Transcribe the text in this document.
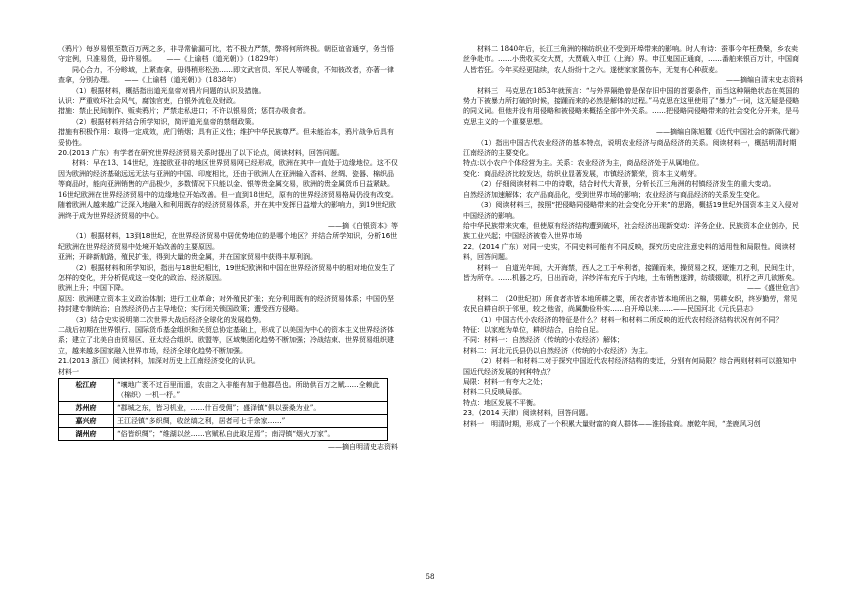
（鸦片）每岁易银至数百万两之多，非寻常偷漏可比，若不极力严禁，弊将何所终极。朝臣谊省通亨，务当悟守定例，只准易货，毋许易银。　　——《上谕档（道光朝）》（1829年）

同心合力，不分畛域，上紧查拿，毋得稍形松劲……即文武官员、军民人等暖食，不知彼改者，亦著一律查拿，分别办理。　　——《上谕档（道光朝）》（1838年）

（1）根据材料，概括指出道光皇帝对鸦片问题的认识及措施。

认识：严重败坏社会风气，腐蚀官吏，白银外流危及财政。

措施：禁止民间制作、贩卖鸦片；严禁走私进口；不许以银易货；惩罚办吸食者。

（2）根据材料并结合所学知识，简评道光皇帝的禁烟政策。

措施有积极作用：取得一定成效，虎门销烟；具有正义性；维护中华民族尊严。但未能治本，鸦片战争后具有妥协性。

20.(2013 广东）有学者在研究世界经济贸易关系时提出了以下论点，阅读材料，回答问题。

材料：早在13、14世纪，连接欧亚非的地区世界贸易网已经形成，欧洲在其中一直处于边缘地位。这不仅因为欧洲的经济基础远远无法与亚洲的中国、印度相比，还由于欧洲人在亚洲输入香料、丝绸、瓷器、棉织品等商品时，能向亚洲销售的产品极少，多数情况下只能以金、银等贵金属交易，欧洲的贵金属货币日益紧缺。16世纪欧洲在世界经济贸易中的边缘地位开始改善。但一直到18世纪，原有的世界经济贸易格局仍没有改变。随着欧洲人越来越广泛深入地融入和利用既存的经济贸易体系，并在其中发挥日益增大的影响力，到19世纪欧洲终于成为世界经济贸易的中心。

——摘《白银资本》等

（1）根据材料，13到18世纪，在世界经济贸易中居优势地位的是哪个地区？并结合所学知识，分析16世纪欧洲在世界经济贸易中处境开始改善的主要原因。

亚洲；开辟新航路，殖民扩张，得到大量的贵金属，并在国家贸易中获得丰厚利润。

（2）根据材料和所学知识，指出与18世纪相比，19世纪欧洲和中国在世界经济贸易中的相对地位发生了怎样的变化，并分析促成这一变化的政治、经济原因。

欧洲上升；中国下降。

原因：欧洲建立资本主义政治体制；进行工业革命；对外殖民扩张；充分利用既有的经济贸易体系；中国仍坚持封建专制统治；自然经济仍占主导地位；实行闭关锁国政策；遭受西方侵略。

（3）结合史实说明第二次世界大战后经济全球化的发展趋势。

二战后初期在世界银行、国际货币基金组织和关贸总协定基础上，形成了以美国为中心的资本主义世界经济体系；建立了北美自由贸易区、亚太经合组织、欧盟等，区域集团化趋势不断加强；冷战结束、世界贸易组织建立，越来越多国家融入世界市场，经济全球化趋势不断加强。

21.(2013 浙江）阅读材料，加深对历史上江南经济变化的认识。

材料一

松江府	“壤地广袤不过百里而遥，农亩之入非能有加于他郡邑也。所助供百万之赋……全赖此（棉织）一机一杼。”
苏州府	“郡城之东，皆习机业，……什百受佣”；盛泽镇“俱以蚕桑为业”。
嘉兴府	王江泾镇“多织绸，收丝缟之利，居者可七千余家……”
湖州府	“俗皆织绸”；“维湖以丝……官赋私自此取足焉”；南浔镇“烟火万家”。

——摘自明清史志资料

材料二 1840年后，长江三角洲的棉纺织业不受到开埠带来的影响。时人有诗：蚕事今年枉费槃，乡农卖丝争赴市。……小贵收买交大贾，大贾载入申江（上海）界。申江鬼国正通商，……番舶来银百万计，中国商人皆若狂。今年买经更陆续，农人纷纷十之六。遂使家家置伤车，无复有心种菽麦。

——摘编自清末史志资料

材料三　马克思在1853年就预言：“与外界隔绝曾是保存旧中国的首要条件，而当这种隔绝状态在英国的势力下被暴力所打破的时候，接踵而来的必然是解体的过程。”马克思在这里使用了“暴力”一词，这无疑是侵略的同义词。但他并没有用侵略和被侵略来概括全部中外关系。……把侵略同侵略带来的社会变化分开来，是马克思主义的一个重要思想。

——摘编自陈旭麓《近代中国社会的新陈代谢》

（1）指出中国古代农业经济的基本特点，说明农业经济与商品经济的关系。阅读材料一，概括明清时期江南经济的主要变化。

特点:以小农户个体经营为主。关系：农业经济为主，商品经济处于从属地位。

变化：商品经济比较发达，纺织业显著发展，市镇经济繁荣，资本主义萌芽。

（2）仔细阅读材料二中的诗歌，结合时代大背景，分析长江三角洲的村镇经济发生的重大变动。

自然经济加速解体；农产品商品化，受到世界市场的影响；农业经济与商品经济的关系发生变化。

（3）阅读材料三，按照“把侵略同侵略带来的社会变化分开来”的思路，概括19世纪外国资本主义入侵对中国经济的影响。

给中华民族带来灾难，但使原有经济结构遭到破坏，社会经济出现新变动：洋务企业、民族资本企业创办，民族工业兴起；中国经济被卷入世界市场

22．(2014 广东）对同一史实，不同史料可能有不同反映，探究历史应注意史料的适用性和局限性。阅读材料，回答问题。

材料一　自道光年间，大开海禁，西人之工于牟利者，接踵而来，操贸易之权，逐锥刀之利，民间生计，皆为所夺。……机器之巧，日出而奇，洋纱洋布充斥于内地，土布销售遂滞，纺绩辍歇，机杼之声几欲断矣。

——《盛世危言》

材料二　（20世纪初）所食者亦皆本地所耕之粟，所衣者亦皆本地所出之棉，男耕女织，终岁勤劳，常见农民自耕自织于邻里，较之他省，尚属勤俭朴实……自开埠以来……——民国河北《元氏县志》

（1）中国古代小农经济的特征是什么？材料一和材料二所反映的近代农村经济结构状况有何不同？

特征：以家庭为单位，耕织结合，自给自足。

不同：材料一：自然经济（传统的小农经济）解体；

材料二：河北元氏县仍以自然经济（传统的小农经济）为主。

（2）材料一和材料二对于探究中国近代农村经济结构的变迁，分别有何局限？综合两则材料可以推知中国近代经济发展的何种特点？

局限：材料一有夸大之处；

材料二只反映局部。

特点：地区发展不平衡。

23．(2014 天津）阅读材料，回答问题。

材料一　明清时期，形成了一个积累大量财富的商人群体——淮扬盐商。康乾年间，“垄鹿风习创

58
